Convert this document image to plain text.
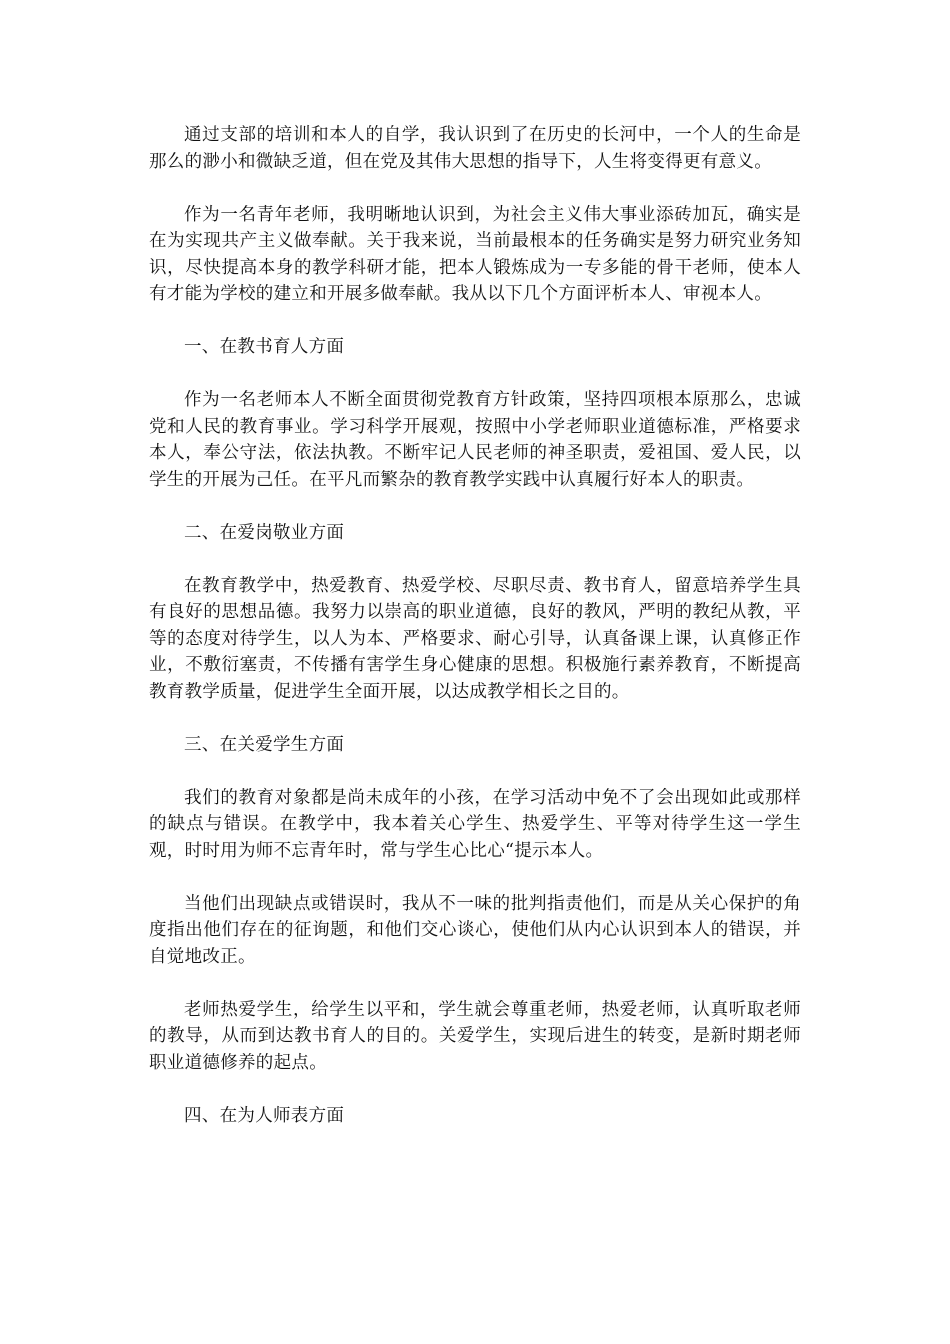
通过支部的培训和本人的自学，我认识到了在历史的长河中，一个人的生命是那么的渺小和微缺乏道，但在党及其伟大思想的指导下，人生将变得更有意义。

作为一名青年老师，我明晰地认识到，为社会主义伟大事业添砖加瓦，确实是在为实现共产主义做奉献。关于我来说，当前最根本的任务确实是努力研究业务知识，尽快提高本身的教学科研才能，把本人锻炼成为一专多能的骨干老师，使本人有才能为学校的建立和开展多做奉献。我从以下几个方面评析本人、审视本人。

一、在教书育人方面

作为一名老师本人不断全面贯彻党教育方针政策，坚持四项根本原那么，忠诚党和人民的教育事业。学习科学开展观，按照中小学老师职业道德标准，严格要求本人，奉公守法，依法执教。不断牢记人民老师的神圣职责，爱祖国、爱人民，以学生的开展为己任。在平凡而繁杂的教育教学实践中认真履行好本人的职责。

二、在爱岗敬业方面

在教育教学中，热爱教育、热爱学校、尽职尽责、教书育人，留意培养学生具有良好的思想品德。我努力以崇高的职业道德，良好的教风，严明的教纪从教，平等的态度对待学生，以人为本、严格要求、耐心引导，认真备课上课，认真修正作业，不敷衍塞责，不传播有害学生身心健康的思想。积极施行素养教育，不断提高教育教学质量，促进学生全面开展，以达成教学相长之目的。

三、在关爱学生方面

我们的教育对象都是尚未成年的小孩，在学习活动中免不了会出现如此或那样的缺点与错误。在教学中，我本着关心学生、热爱学生、平等对待学生这一学生观，时时用为师不忘青年时，常与学生心比心“提示本人。

当他们出现缺点或错误时，我从不一味的批判指责他们，而是从关心保护的角度指出他们存在的征询题，和他们交心谈心，使他们从内心认识到本人的错误，并自觉地改正。

老师热爱学生，给学生以平和，学生就会尊重老师，热爱老师，认真听取老师的教导，从而到达教书育人的目的。关爱学生，实现后进生的转变，是新时期老师职业道德修养的起点。

四、在为人师表方面
